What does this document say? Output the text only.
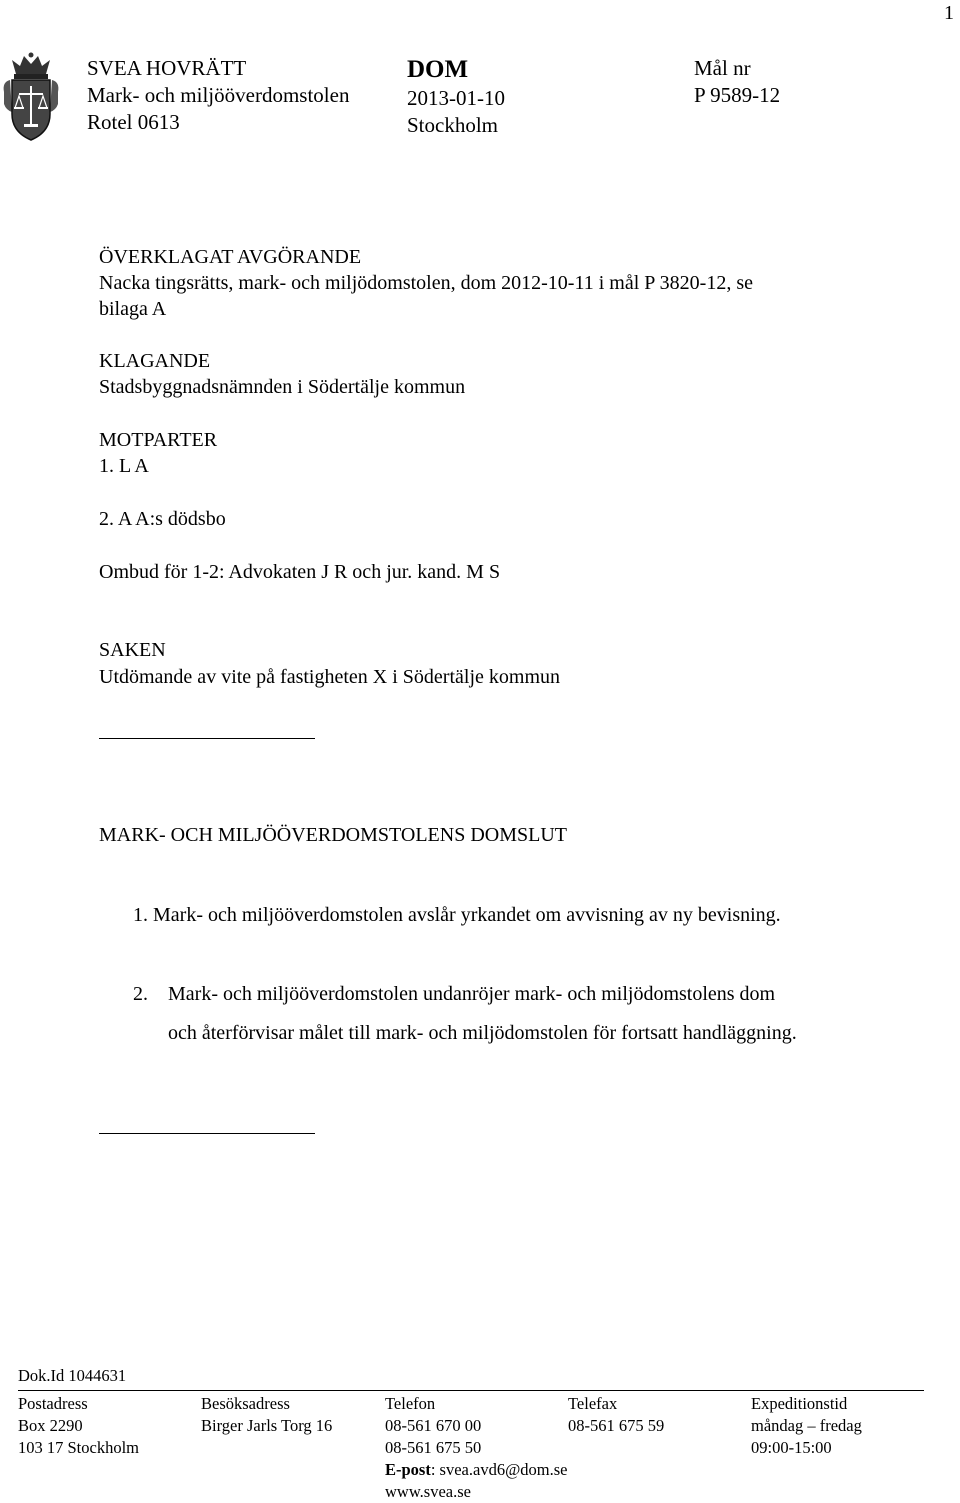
1
SVEA HOVRÄTT
Mark- och miljööverdomstolen
Rotel 0613
DOM
2013-01-10
Stockholm
Mål nr
P 9589-12
ÖVERKLAGAT AVGÖRANDE
Nacka tingsrätts, mark- och miljödomstolen, dom 2012-10-11 i mål P 3820-12, se
bilaga A
KLAGANDE
Stadsbyggnadsnämnden i Södertälje kommun
MOTPARTER
1. L A
2. A A:s dödsbo
Ombud för 1-2: Advokaten J R och jur. kand. M S
SAKEN
Utdömande av vite på fastigheten X i Södertälje kommun
MARK- OCH MILJÖÖVERDOMSTOLENS DOMSLUT
1. Mark- och miljööverdomstolen avslår yrkandet om avvisning av ny bevisning.
2. Mark- och miljööverdomstolen undanröjer mark- och miljödomstolens dom
och återförvisar målet till mark- och miljödomstolen för fortsatt handläggning.
Dok.Id 1044631
Postadress
Box 2290
103 17 Stockholm
Besöksadress
Birger Jarls Torg 16
Telefon
08-561 670 00
08-561 675 50
E-post: svea.avd6@dom.se
www.svea.se
Telefax
08-561 675 59
Expeditionstid
måndag – fredag
09:00-15:00
